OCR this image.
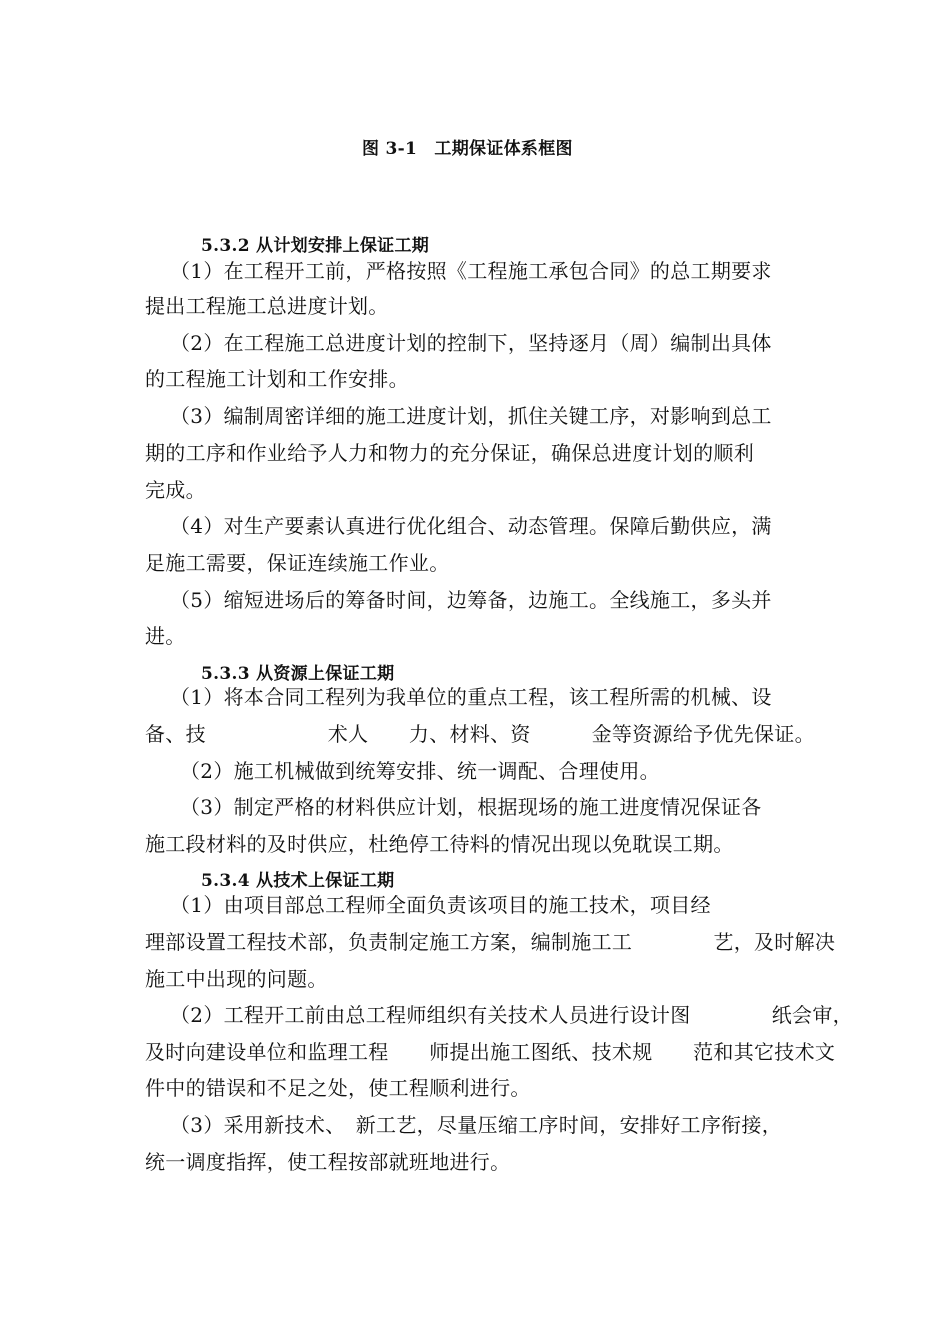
图 3-1　工期保证体系框图

5.3.2 从计划安排上保证工期

（1）在工程开工前，严格按照《工程施工承包合同》的总工期要求

提出工程施工总进度计划。

（2）在工程施工总进度计划的控制下，坚持逐月（周）编制出具体

的工程施工计划和工作安排。

（3）编制周密详细的施工进度计划，抓住关键工序，对影响到总工

期的工序和作业给予人力和物力的充分保证，确保总进度计划的顺利

完成。

（4）对生产要素认真进行优化组合、动态管理。保障后勤供应，满

足施工需要，保证连续施工作业。

（5）缩短进场后的筹备时间，边筹备，边施工。全线施工，多头并

进。

5.3.3 从资源上保证工期

（1）将本合同工程列为我单位的重点工程，该工程所需的机械、设

备、技　　　　　　术人　　力、材料、资　　　金等资源给予优先保证。

（2）施工机械做到统筹安排、统一调配、合理使用。

（3）制定严格的材料供应计划，根据现场的施工进度情况保证各

施工段材料的及时供应，杜绝停工待料的情况出现以免耽误工期。

5.3.4 从技术上保证工期

（1）由项目部总工程师全面负责该项目的施工技术，项目经

理部设置工程技术部，负责制定施工方案，编制施工工　　　　艺，及时解决

施工中出现的问题。

（2）工程开工前由总工程师组织有关技术人员进行设计图　　　　纸会审，

及时向建设单位和监理工程　　师提出施工图纸、技术规　　范和其它技术文

件中的错误和不足之处，使工程顺利进行。

（3）采用新技术、　新工艺，尽量压缩工序时间，安排好工序衔接，

统一调度指挥，使工程按部就班地进行。
